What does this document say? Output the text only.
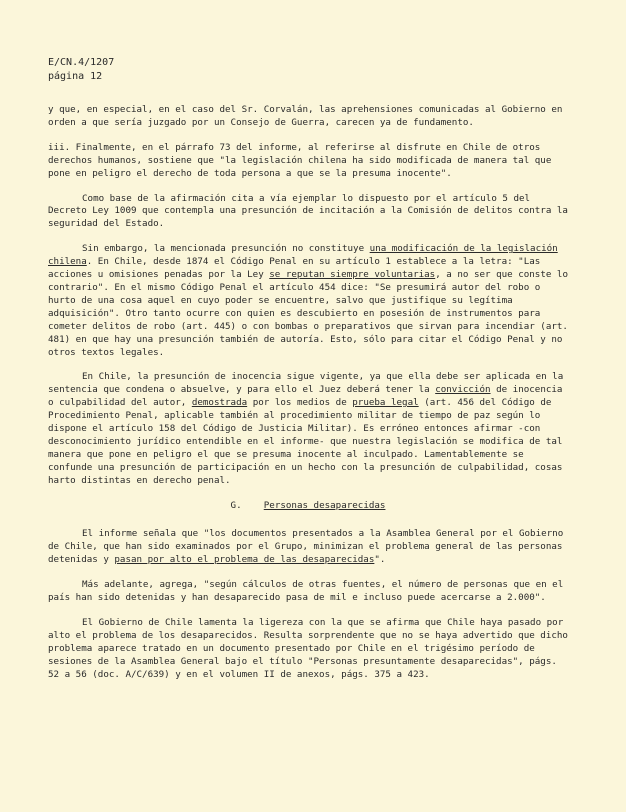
E/CN.4/1207
página 12

y que, en especial, en el caso del Sr. Corvalán, las aprehensiones comunicadas al Gobierno en orden a que sería juzgado por un Consejo de Guerra, carecen ya de fundamento.

iii. Finalmente, en el párrafo 73 del informe, al referirse al disfrute en Chile de otros derechos humanos, sostiene que "la legislación chilena ha sido modificada de manera tal que pone en peligro el derecho de toda persona a que se la presuma inocente".

Como base de la afirmación cita a vía ejemplar lo dispuesto por el artículo 5 del Decreto Ley 1009 que contempla una presunción de incitación a la Comisión de delitos contra la seguridad del Estado.

Sin embargo, la mencionada presunción no constituye una modificación de la legislación chilena. En Chile, desde 1874 el Código Penal en su artículo 1 establece a la letra: "Las acciones u omisiones penadas por la Ley se reputan siempre voluntarias, a no ser que conste lo contrario". En el mismo Código Penal el artículo 454 dice: "Se presumirá autor del robo o hurto de una cosa aquel en cuyo poder se encuentre, salvo que justifique su legítima adquisición". Otro tanto ocurre con quien es descubierto en posesión de instrumentos para cometer delitos de robo (art. 445) o con bombas o preparativos que sirvan para incendiar (art. 481) en que hay una presunción también de autoría. Esto, sólo para citar el Código Penal y no otros textos legales.

En Chile, la presunción de inocencia sigue vigente, ya que ella debe ser aplicada en la sentencia que condena o absuelve, y para ello el Juez deberá tener la convicción de inocencia o culpabilidad del autor, demostrada por los medios de prueba legal (art. 456 del Código de Procedimiento Penal, aplicable también al procedimiento militar de tiempo de paz según lo dispone el artículo 158 del Código de Justicia Militar). Es erróneo entonces afirmar -con desconocimiento jurídico entendible en el informe- que nuestra legislación se modifica de tal manera que pone en peligro el que se presuma inocente al inculpado. Lamentablemente se confunde una presunción de participación en un hecho con la presunción de culpabilidad, cosas harto distintas en derecho penal.

G. Personas desaparecidas

El informe señala que "los documentos presentados a la Asamblea General por el Gobierno de Chile, que han sido examinados por el Grupo, minimizan el problema general de las personas detenidas y pasan por alto el problema de las desaparecidas".

Más adelante, agrega, "según cálculos de otras fuentes, el número de personas que en el país han sido detenidas y han desaparecido pasa de mil e incluso puede acercarse a 2.000".

El Gobierno de Chile lamenta la ligereza con la que se afirma que Chile haya pasado por alto el problema de los desaparecidos. Resulta sorprendente que no se haya advertido que dicho problema aparece tratado en un documento presentado por Chile en el trigésimo período de sesiones de la Asamblea General bajo el título "Personas presuntamente desaparecidas", págs. 52 a 56 (doc. A/C/639) y en el volumen II de anexos, págs. 375 a 423.
